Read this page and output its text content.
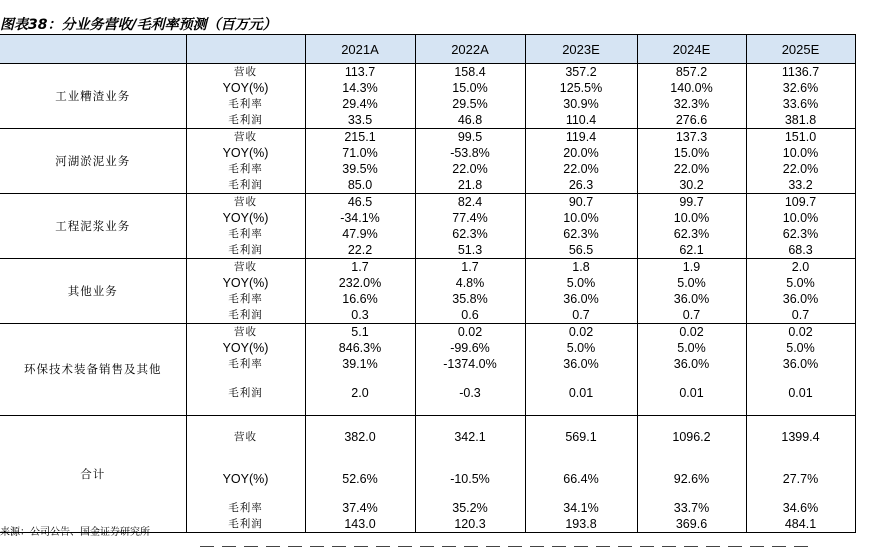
图表38：分业务营收/毛利率预测（百万元）
		2021A	2022A	2023E	2024E	2025E
工业糟渣业务	营收	113.7	158.4	357.2	857.2	1136.7
	YOY(%)	14.3%	15.0%	125.5%	140.0%	32.6%
	毛利率	29.4%	29.5%	30.9%	32.3%	33.6%
	毛利润	33.5	46.8	110.4	276.6	381.8
河湖淤泥业务	营收	215.1	99.5	119.4	137.3	151.0
	YOY(%)	71.0%	-53.8%	20.0%	15.0%	10.0%
	毛利率	39.5%	22.0%	22.0%	22.0%	22.0%
	毛利润	85.0	21.8	26.3	30.2	33.2
工程泥浆业务	营收	46.5	82.4	90.7	99.7	109.7
	YOY(%)	-34.1%	77.4%	10.0%	10.0%	10.0%
	毛利率	47.9%	62.3%	62.3%	62.3%	62.3%
	毛利润	22.2	51.3	56.5	62.1	68.3
其他业务	营收	1.7	1.7	1.8	1.9	2.0
	YOY(%)	232.0%	4.8%	5.0%	5.0%	5.0%
	毛利率	16.6%	35.8%	36.0%	36.0%	36.0%
	毛利润	0.3	0.6	0.7	0.7	0.7
环保技术装备销售及其他	营收	5.1	0.02	0.02	0.02	0.02
	YOY(%)	846.3%	-99.6%	5.0%	5.0%	5.0%
	毛利率	39.1%	-1374.0%	36.0%	36.0%	36.0%
	毛利润	2.0	-0.3	0.01	0.01	0.01
合计	营收	382.0	342.1	569.1	1096.2	1399.4
	YOY(%)	52.6%	-10.5%	66.4%	92.6%	27.7%
	毛利率	37.4%	35.2%	34.1%	33.7%	34.6%
	毛利润	143.0	120.3	193.8	369.6	484.1
来源：公司公告、国金证券研究所
